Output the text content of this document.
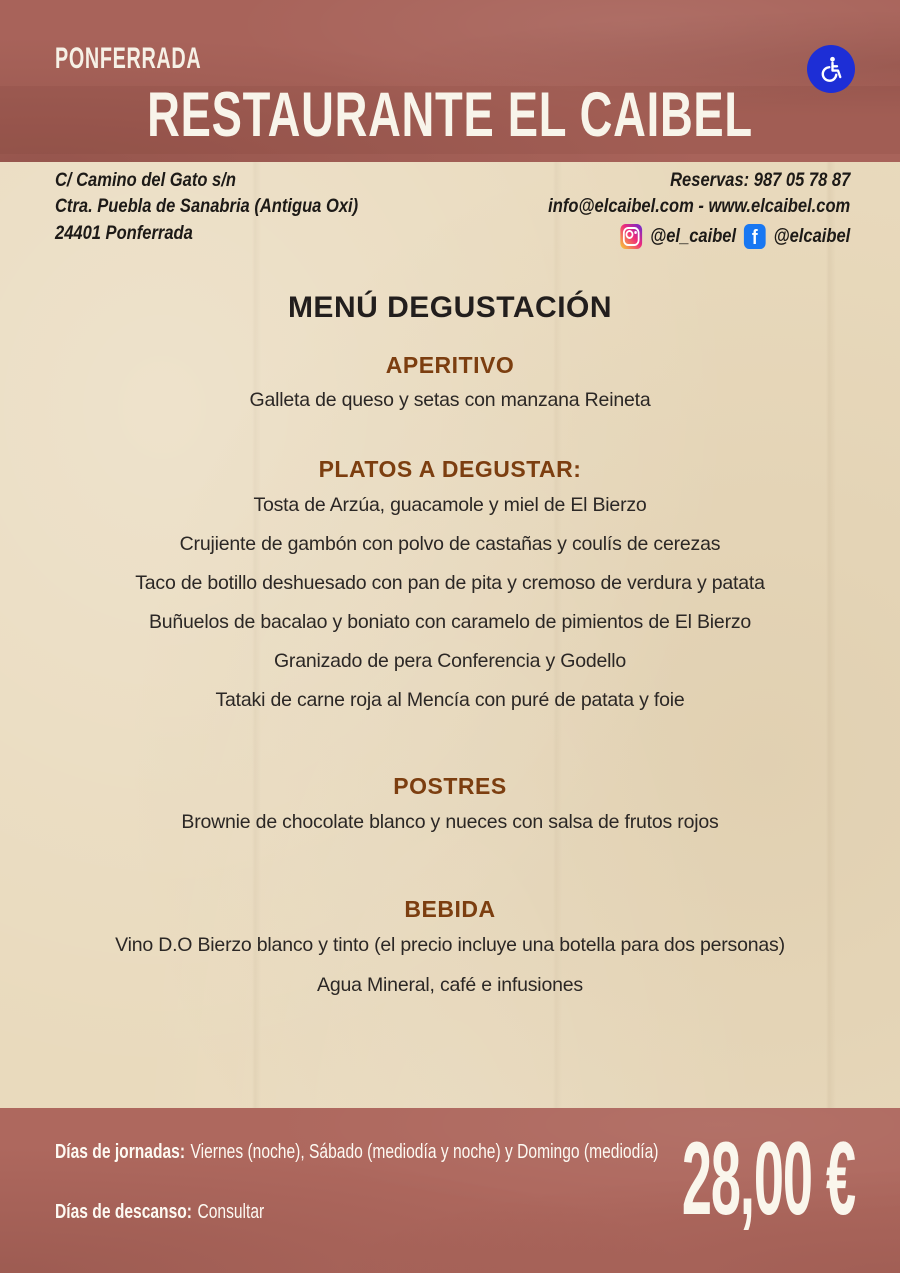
PONFERRADA
RESTAURANTE EL CAIBEL
C/ Camino del Gato s/n
Ctra. Puebla de Sanabria (Antigua Oxi)
24401 Ponferrada
Reservas: 987 05 78 87
info@elcaibel.com - www.elcaibel.com
@el_caibel f @elcaibel
MENÚ DEGUSTACIÓN
APERITIVO
Galleta de queso y setas con manzana Reineta
PLATOS A DEGUSTAR:
Tosta de Arzúa, guacamole y miel de El Bierzo
Crujiente de gambón con polvo de castañas y coulís de cerezas
Taco de botillo deshuesado con pan de pita y cremoso de verdura y patata
Buñuelos de bacalao y boniato con caramelo de pimientos de El Bierzo
Granizado de pera Conferencia y Godello
Tataki de carne roja al Mencía con puré de patata y foie
POSTRES
Brownie de chocolate blanco y nueces con salsa de frutos rojos
BEBIDA
Vino D.O Bierzo blanco y tinto (el precio incluye una botella para dos personas)
Agua Mineral, café e infusiones
Días de jornadas: Viernes (noche), Sábado (mediodía y noche) y Domingo (mediodía)
Días de descanso: Consultar	28,00 €
